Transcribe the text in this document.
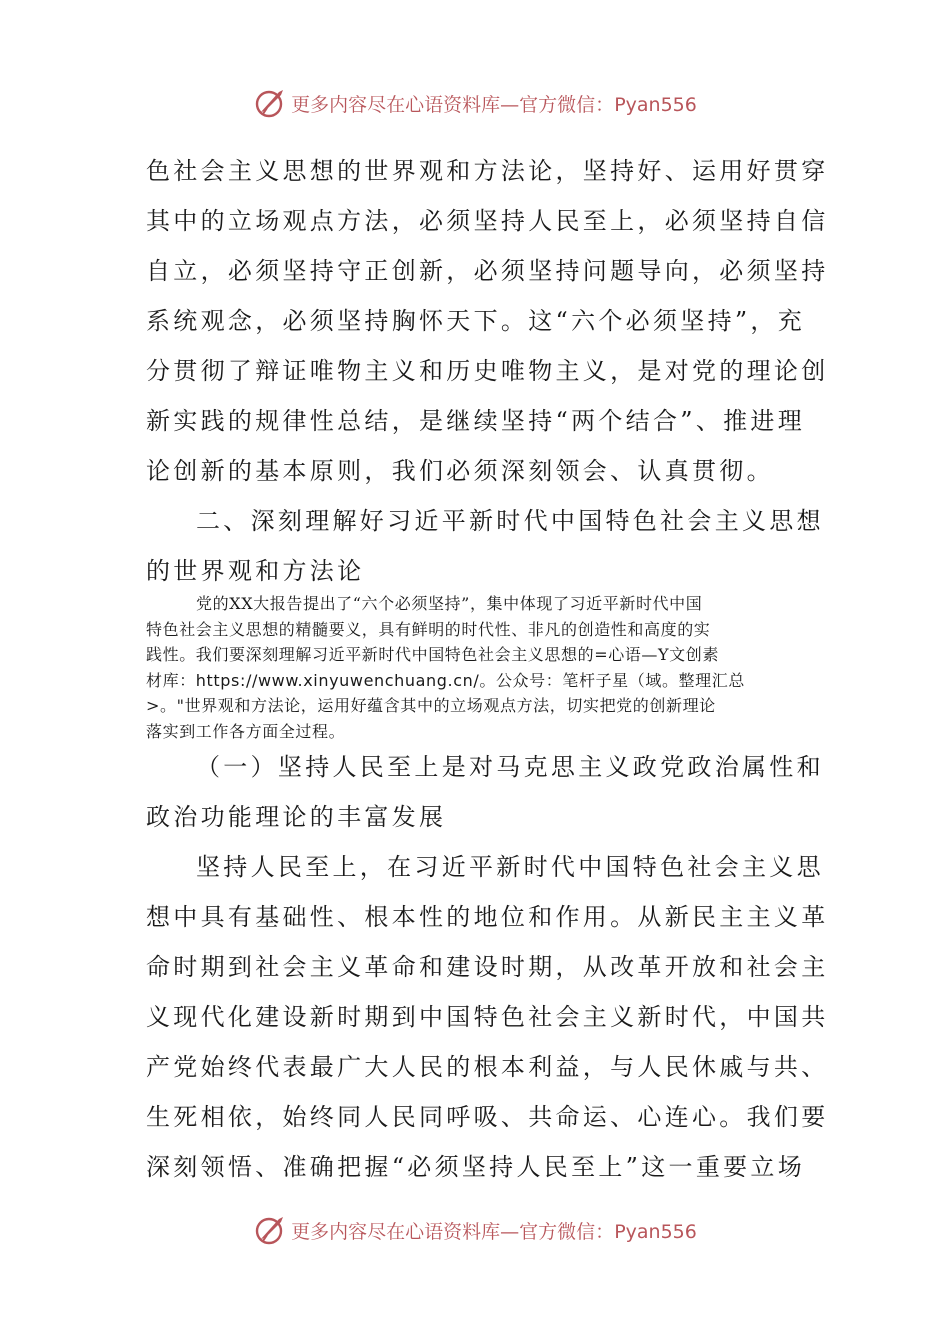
更多内容尽在心语资料库—官方微信：Pyan556
色社会主义思想的世界观和方法论，坚持好、运用好贯穿
其中的立场观点方法，必须坚持人民至上，必须坚持自信
自立，必须坚持守正创新，必须坚持问题导向，必须坚持
系统观念，必须坚持胸怀天下。这“六个必须坚持”，充
分贯彻了辩证唯物主义和历史唯物主义，是对党的理论创
新实践的规律性总结，是继续坚持“两个结合”、推进理
论创新的基本原则，我们必须深刻领会、认真贯彻。
二、深刻理解好习近平新时代中国特色社会主义思想
的世界观和方法论
党的XX大报告提出了“六个必须坚持”，集中体现了习近平新时代中国
特色社会主义思想的精髓要义，具有鲜明的时代性、非凡的创造性和高度的实
践性。我们要深刻理解习近平新时代中国特色社会主义思想的=心语—Y文创素
材库：https://www.xinyuwenchuang.cn/。公众号：笔杆子星（域。整理汇总
>。"世界观和方法论，运用好蕴含其中的立场观点方法，切实把党的创新理论
落实到工作各方面全过程。
（一）坚持人民至上是对马克思主义政党政治属性和
政治功能理论的丰富发展
坚持人民至上，在习近平新时代中国特色社会主义思
想中具有基础性、根本性的地位和作用。从新民主主义革
命时期到社会主义革命和建设时期，从改革开放和社会主
义现代化建设新时期到中国特色社会主义新时代，中国共
产党始终代表最广大人民的根本利益，与人民休戚与共、
生死相依，始终同人民同呼吸、共命运、心连心。我们要
深刻领悟、准确把握“必须坚持人民至上”这一重要立场
更多内容尽在心语资料库—官方微信：Pyan556
